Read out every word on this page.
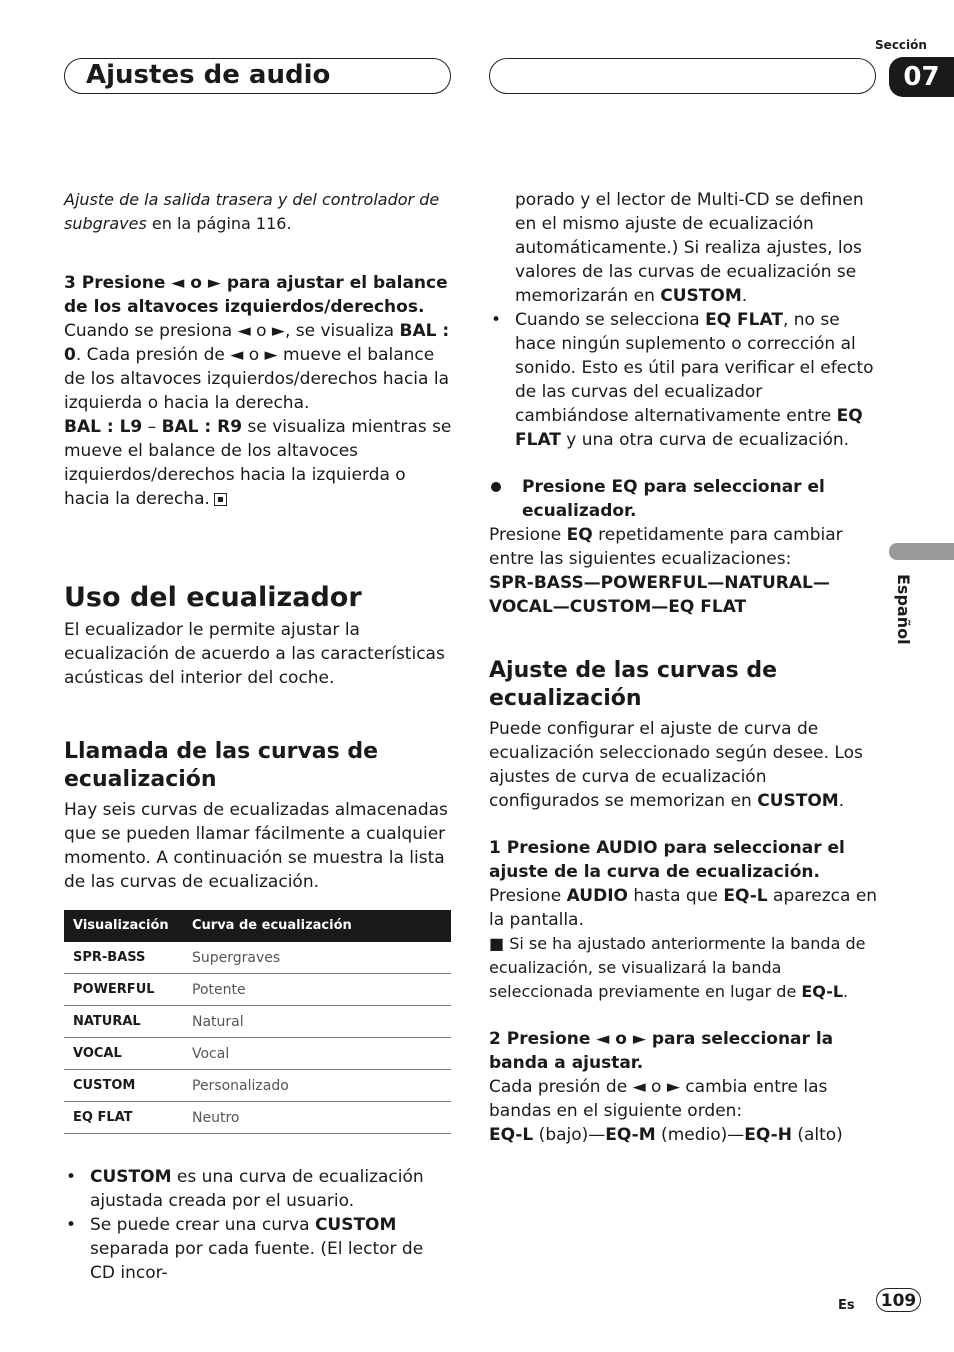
Ajustes de audio
Sección
07
Español

Ajuste de la salida trasera y del controlador de subgraves en la página 116.

3 Presione ◄ o ► para ajustar el balance de los altavoces izquierdos/derechos.

Cuando se presiona ◄ o ►, se visualiza BAL : 0. Cada presión de ◄ o ► mueve el balance de los altavoces izquierdos/derechos hacia la izquierda o hacia la derecha.

BAL : L9 – BAL : R9 se visualiza mientras se mueve el balance de los altavoces izquierdos/derechos hacia la izquierda o hacia la derecha.

Uso del ecualizador

El ecualizador le permite ajustar la ecualización de acuerdo a las características acústicas del interior del coche.

Llamada de las curvas de ecualización

Hay seis curvas de ecualizadas almacenadas que se pueden llamar fácilmente a cualquier momento. A continuación se muestra la lista de las curvas de ecualización.

Visualización	Curva de ecualización
SPR-BASS	Supergraves
POWERFUL	Potente
NATURAL	Natural
VOCAL	Vocal
CUSTOM	Personalizado
EQ FLAT	Neutro
• CUSTOM es una curva de ecualización ajustada creada por el usuario.
• Se puede crear una curva CUSTOM separada por cada fuente. (El lector de CD incor-

porado y el lector de Multi-CD se definen en el mismo ajuste de ecualización automáticamente.) Si realiza ajustes, los valores de las curvas de ecualización se memorizarán en CUSTOM.

• Cuando se selecciona EQ FLAT, no se hace ningún suplemento o corrección al sonido. Esto es útil para verificar el efecto de las curvas del ecualizador cambiándose alternativamente entre EQ FLAT y una otra curva de ecualización.

Presione EQ para seleccionar el ecualizador.

Presione EQ repetidamente para cambiar entre las siguientes ecualizaciones:

SPR-BASS—POWERFUL—NATURAL—VOCAL—CUSTOM—EQ FLAT

Ajuste de las curvas de ecualización

Puede configurar el ajuste de curva de ecualización seleccionado según desee. Los ajustes de curva de ecualización configurados se memorizan en CUSTOM.

1 Presione AUDIO para seleccionar el ajuste de la curva de ecualización.

Presione AUDIO hasta que EQ-L aparezca en la pantalla.

■ Si se ha ajustado anteriormente la banda de ecualización, se visualizará la banda seleccionada previamente en lugar de EQ-L.

2 Presione ◄ o ► para seleccionar la banda a ajustar.

Cada presión de ◄ o ► cambia entre las bandas en el siguiente orden:

EQ-L (bajo)—EQ-M (medio)—EQ-H (alto)

Es 109
